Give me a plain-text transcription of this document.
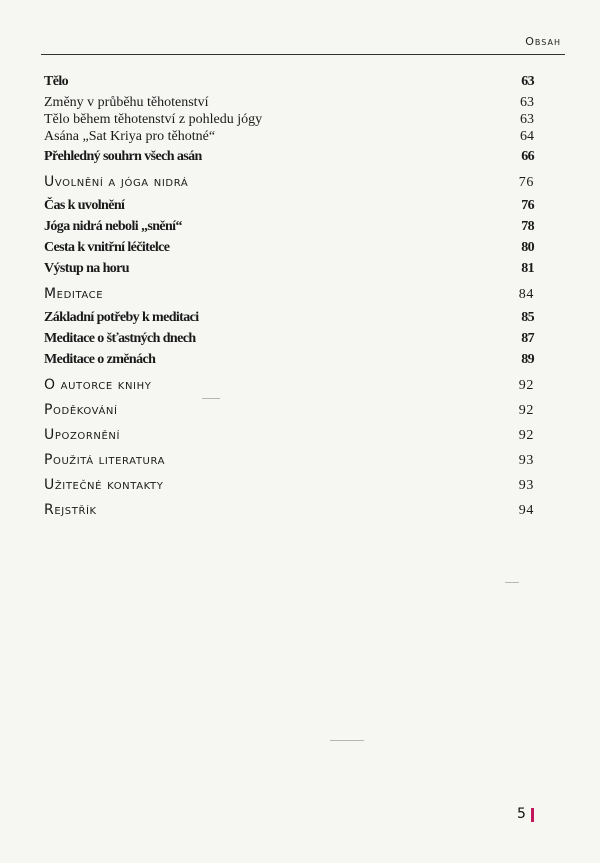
Obsah
Tělo	63
Změny v průběhu těhotenství	63
Tělo během těhotenství z pohledu jógy	63
Asána „Sat Kriya pro těhotné“	64
Přehledný souhrn všech asán	66
Uvolnění a jóga nidrá	76
Čas k uvolnění	76
Jóga nidrá neboli „snění“	78
Cesta k vnitřní léčitelce	80
Výstup na horu	81
Meditace	84
Základní potřeby k meditaci	85
Meditace o šťastných dnech	87
Meditace o změnách	89
O autorce knihy	92
Poděkování	92
Upozornění	92
Použitá literatura	93
Užitečné kontakty	93
Rejstřík	94
5
